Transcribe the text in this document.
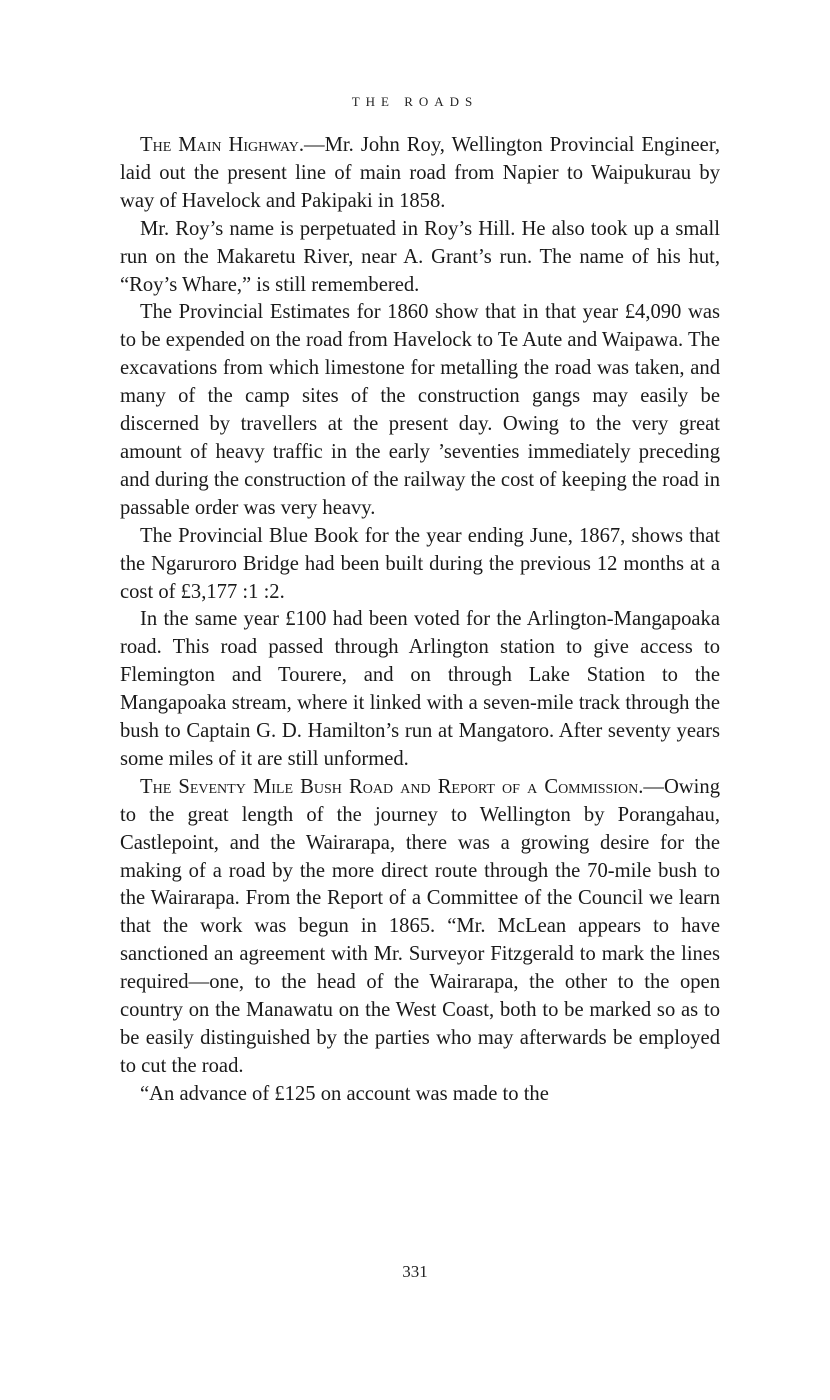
THE ROADS

The Main Highway.—Mr. John Roy, Wellington Provincial Engineer, laid out the present line of main road from Napier to Waipukurau by way of Havelock and Pakipaki in 1858.

Mr. Roy’s name is perpetuated in Roy’s Hill. He also took up a small run on the Makaretu River, near A. Grant’s run. The name of his hut, “Roy’s Whare,” is still remembered.

The Provincial Estimates for 1860 show that in that year £4,090 was to be expended on the road from Havelock to Te Aute and Waipawa. The excavations from which limestone for metalling the road was taken, and many of the camp sites of the construction gangs may easily be discerned by travellers at the present day. Owing to the very great amount of heavy traffic in the early ’seventies immediately preceding and during the construction of the railway the cost of keeping the road in passable order was very heavy.

The Provincial Blue Book for the year ending June, 1867, shows that the Ngaruroro Bridge had been built during the previous 12 months at a cost of £3,177 :1 :2.

In the same year £100 had been voted for the Arlington-Mangapoaka road. This road passed through Arlington station to give access to Flemington and Tourere, and on through Lake Station to the Mangapoaka stream, where it linked with a seven-mile track through the bush to Captain G. D. Hamilton’s run at Mangatoro. After seventy years some miles of it are still unformed.

The Seventy Mile Bush Road and Report of a Commission.—Owing to the great length of the journey to Wellington by Porangahau, Castlepoint, and the Wairarapa, there was a growing desire for the making of a road by the more direct route through the 70-mile bush to the Wairarapa. From the Report of a Committee of the Council we learn that the work was begun in 1865. “Mr. McLean appears to have sanctioned an agreement with Mr. Surveyor Fitzgerald to mark the lines required—one, to the head of the Wairarapa, the other to the open country on the Manawatu on the West Coast, both to be marked so as to be easily distinguished by the parties who may afterwards be employed to cut the road.

“An advance of £125 on account was made to the

331
